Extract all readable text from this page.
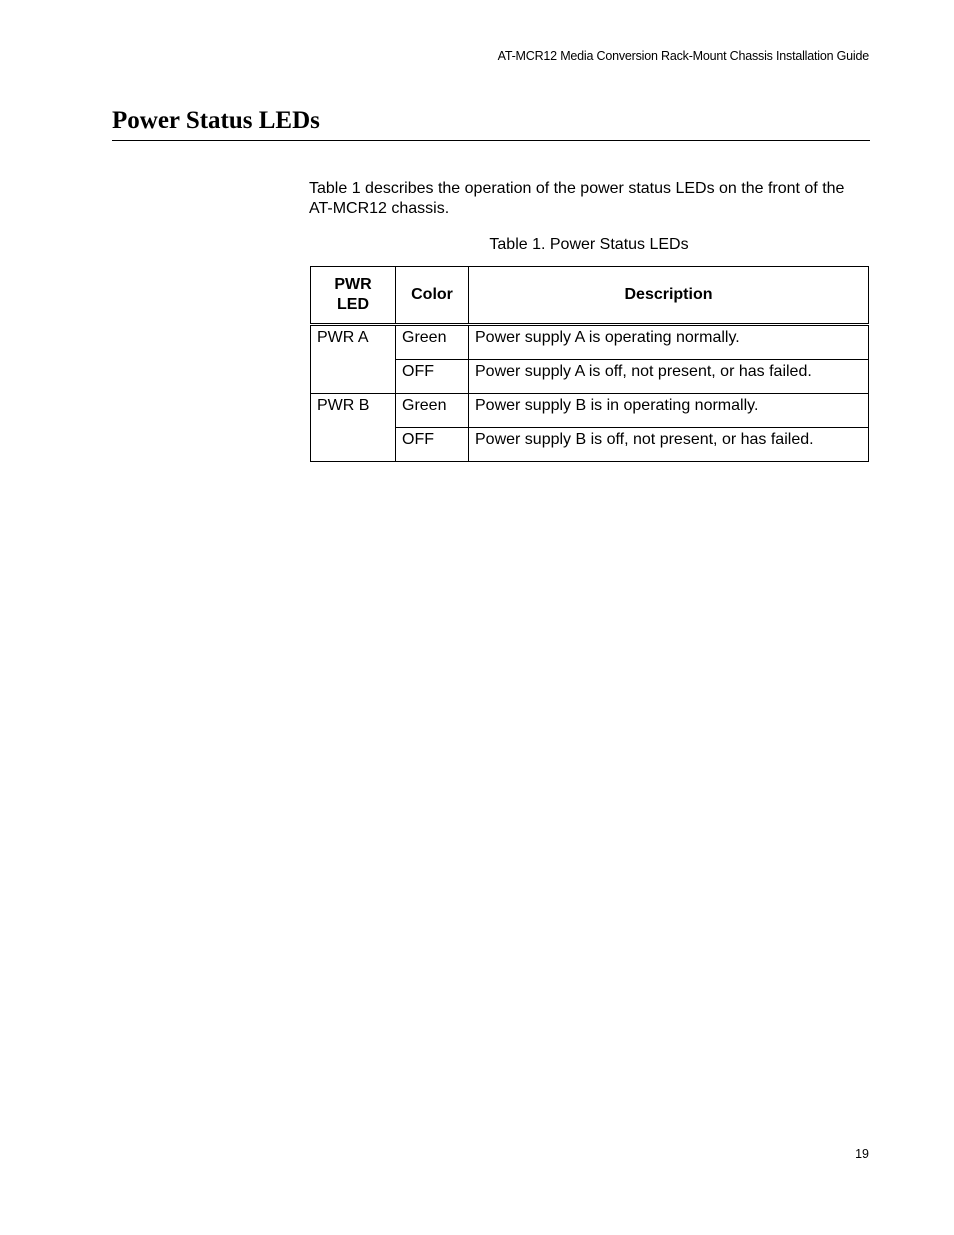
AT-MCR12 Media Conversion Rack-Mount Chassis Installation Guide
Power Status LEDs

Table 1 describes the operation of the power status LEDs on the front of the AT-MCR12 chassis.

Table 1. Power Status LEDs
PWR
LED	Color	Description
PWR A	Green	Power supply A is operating normally.
	OFF	Power supply A is off, not present, or has failed.
PWR B	Green	Power supply B is in operating normally.
	OFF	Power supply B is off, not present, or has failed.
19
